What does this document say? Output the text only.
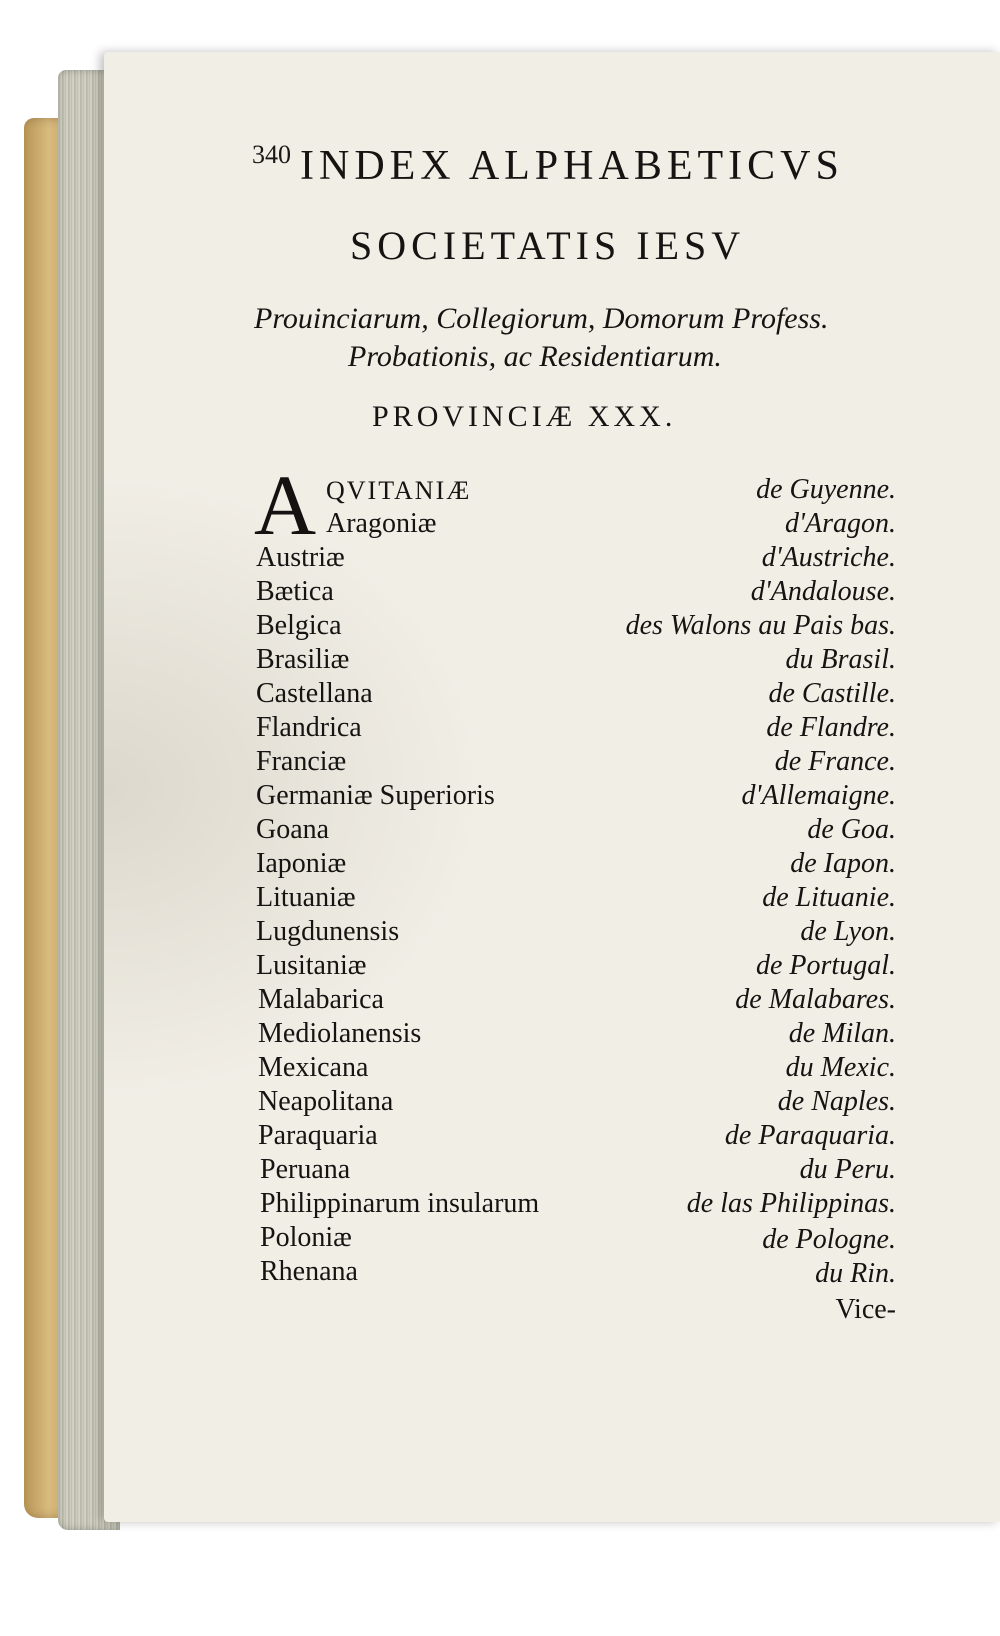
340 INDEX ALPHABETICVS
SOCIETATIS IESV
Prouinciarum, Collegiorum, Domorum Profess.
Probationis, ac Residentiarum.
PROVINCIÆ XXX.
A QVITANIÆ
Aragoniæ
Austriæ
Bætica
Belgica
Brasiliæ
Castellana
Flandrica
Franciæ
Germaniæ Superioris
Goana
Iaponiæ
Lituaniæ
Lugdunensis
Lusitaniæ
Malabarica
Mediolanensis
Mexicana
Neapolitana
Paraquaria
Peruana
Philippinarum insularum
Poloniæ
Rhenana
de Guyenne.
d'Aragon.
d'Austriche.
d'Andalouse.
des Walons au Pais bas.
du Brasil.
de Castille.
de Flandre.
de France.
d'Allemaigne.
de Goa.
de Iapon.
de Lituanie.
de Lyon.
de Portugal.
de Malabares.
de Milan.
du Mexic.
de Naples.
de Paraquaria.
du Peru.
de las Philippinas.
de Pologne.
du Rin.
Vice-
